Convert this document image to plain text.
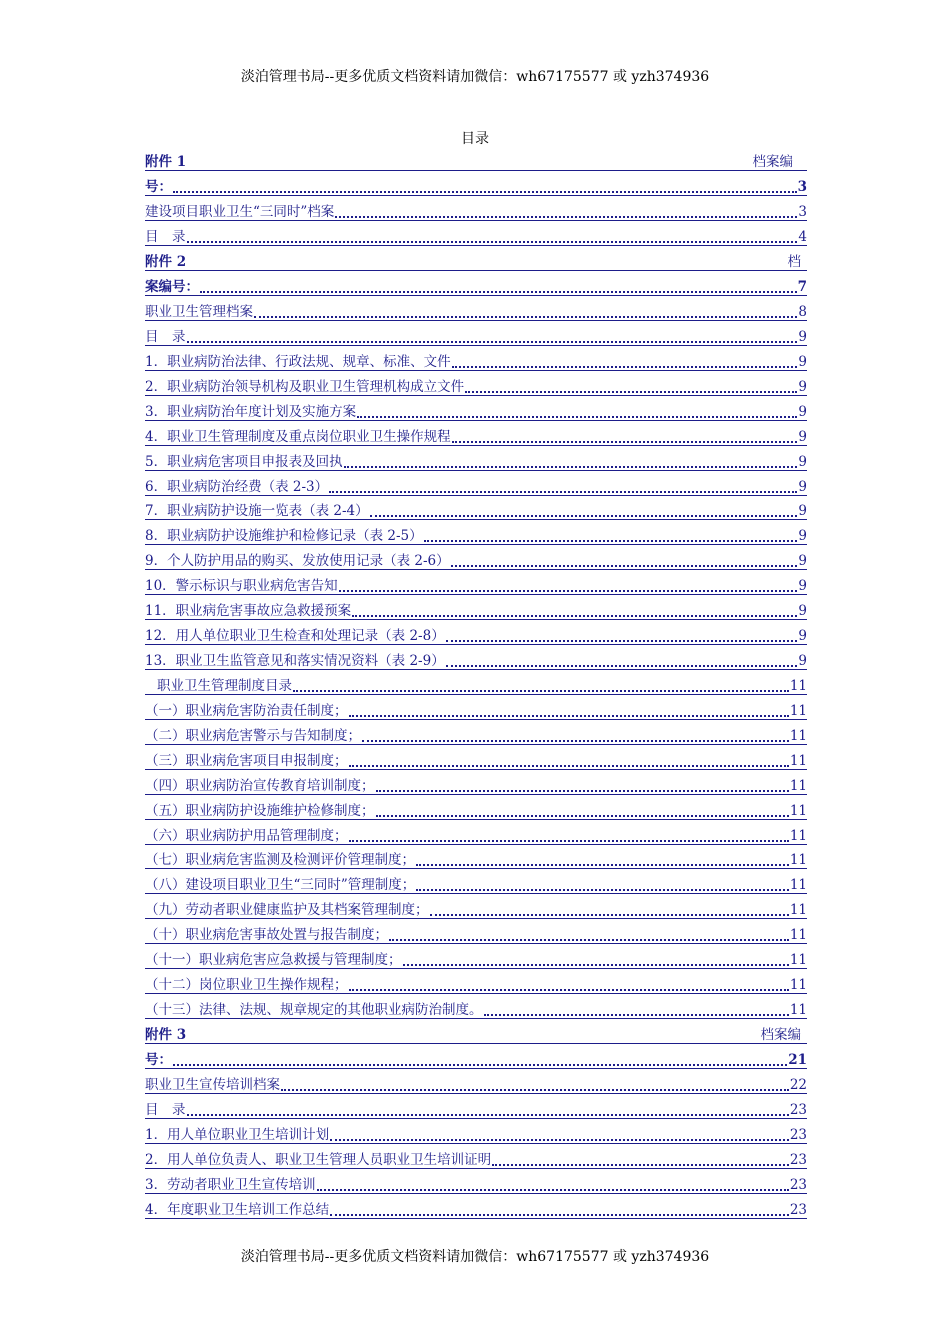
淡泊管理书局--更多优质文档资料请加微信：wh67175577 或 yzh374936
目录
附件 1	档案编
号：	3
建设项目职业卫生“三同时”档案	3
目　录	4
附件 2	档
案编号：	7
职业卫生管理档案	8
目　录	9
1．职业病防治法律、行政法规、规章、标准、文件	9
2．职业病防治领导机构及职业卫生管理机构成立文件	9
3．职业病防治年度计划及实施方案	9
4．职业卫生管理制度及重点岗位职业卫生操作规程	9
5．职业病危害项目申报表及回执	9
6．职业病防治经费（表 2-3）	9
7．职业病防护设施一览表（表 2-4）	9
8．职业病防护设施维护和检修记录（表 2-5）	9
9．个人防护用品的购买、发放使用记录（表 2-6）	9
10．警示标识与职业病危害告知	9
11．职业病危害事故应急救援预案	9
12．用人单位职业卫生检查和处理记录（表 2-8）	9
13．职业卫生监管意见和落实情况资料（表 2-9）	9
职业卫生管理制度目录	11
（一）职业病危害防治责任制度；	11
（二）职业病危害警示与告知制度；	11
（三）职业病危害项目申报制度；	11
（四）职业病防治宣传教育培训制度；	11
（五）职业病防护设施维护检修制度；	11
（六）职业病防护用品管理制度；	11
（七）职业病危害监测及检测评价管理制度；	11
（八）建设项目职业卫生“三同时”管理制度；	11
（九）劳动者职业健康监护及其档案管理制度；	11
（十）职业病危害事故处置与报告制度；	11
（十一）职业病危害应急救援与管理制度；	11
（十二）岗位职业卫生操作规程；	11
（十三）法律、法规、规章规定的其他职业病防治制度。	11
附件 3	档案编
号：	21
职业卫生宣传培训档案	22
目　录	23
1．用人单位职业卫生培训计划	23
2．用人单位负责人、职业卫生管理人员职业卫生培训证明	23
3．劳动者职业卫生宣传培训	23
4．年度职业卫生培训工作总结	23
淡泊管理书局--更多优质文档资料请加微信：wh67175577 或 yzh374936
